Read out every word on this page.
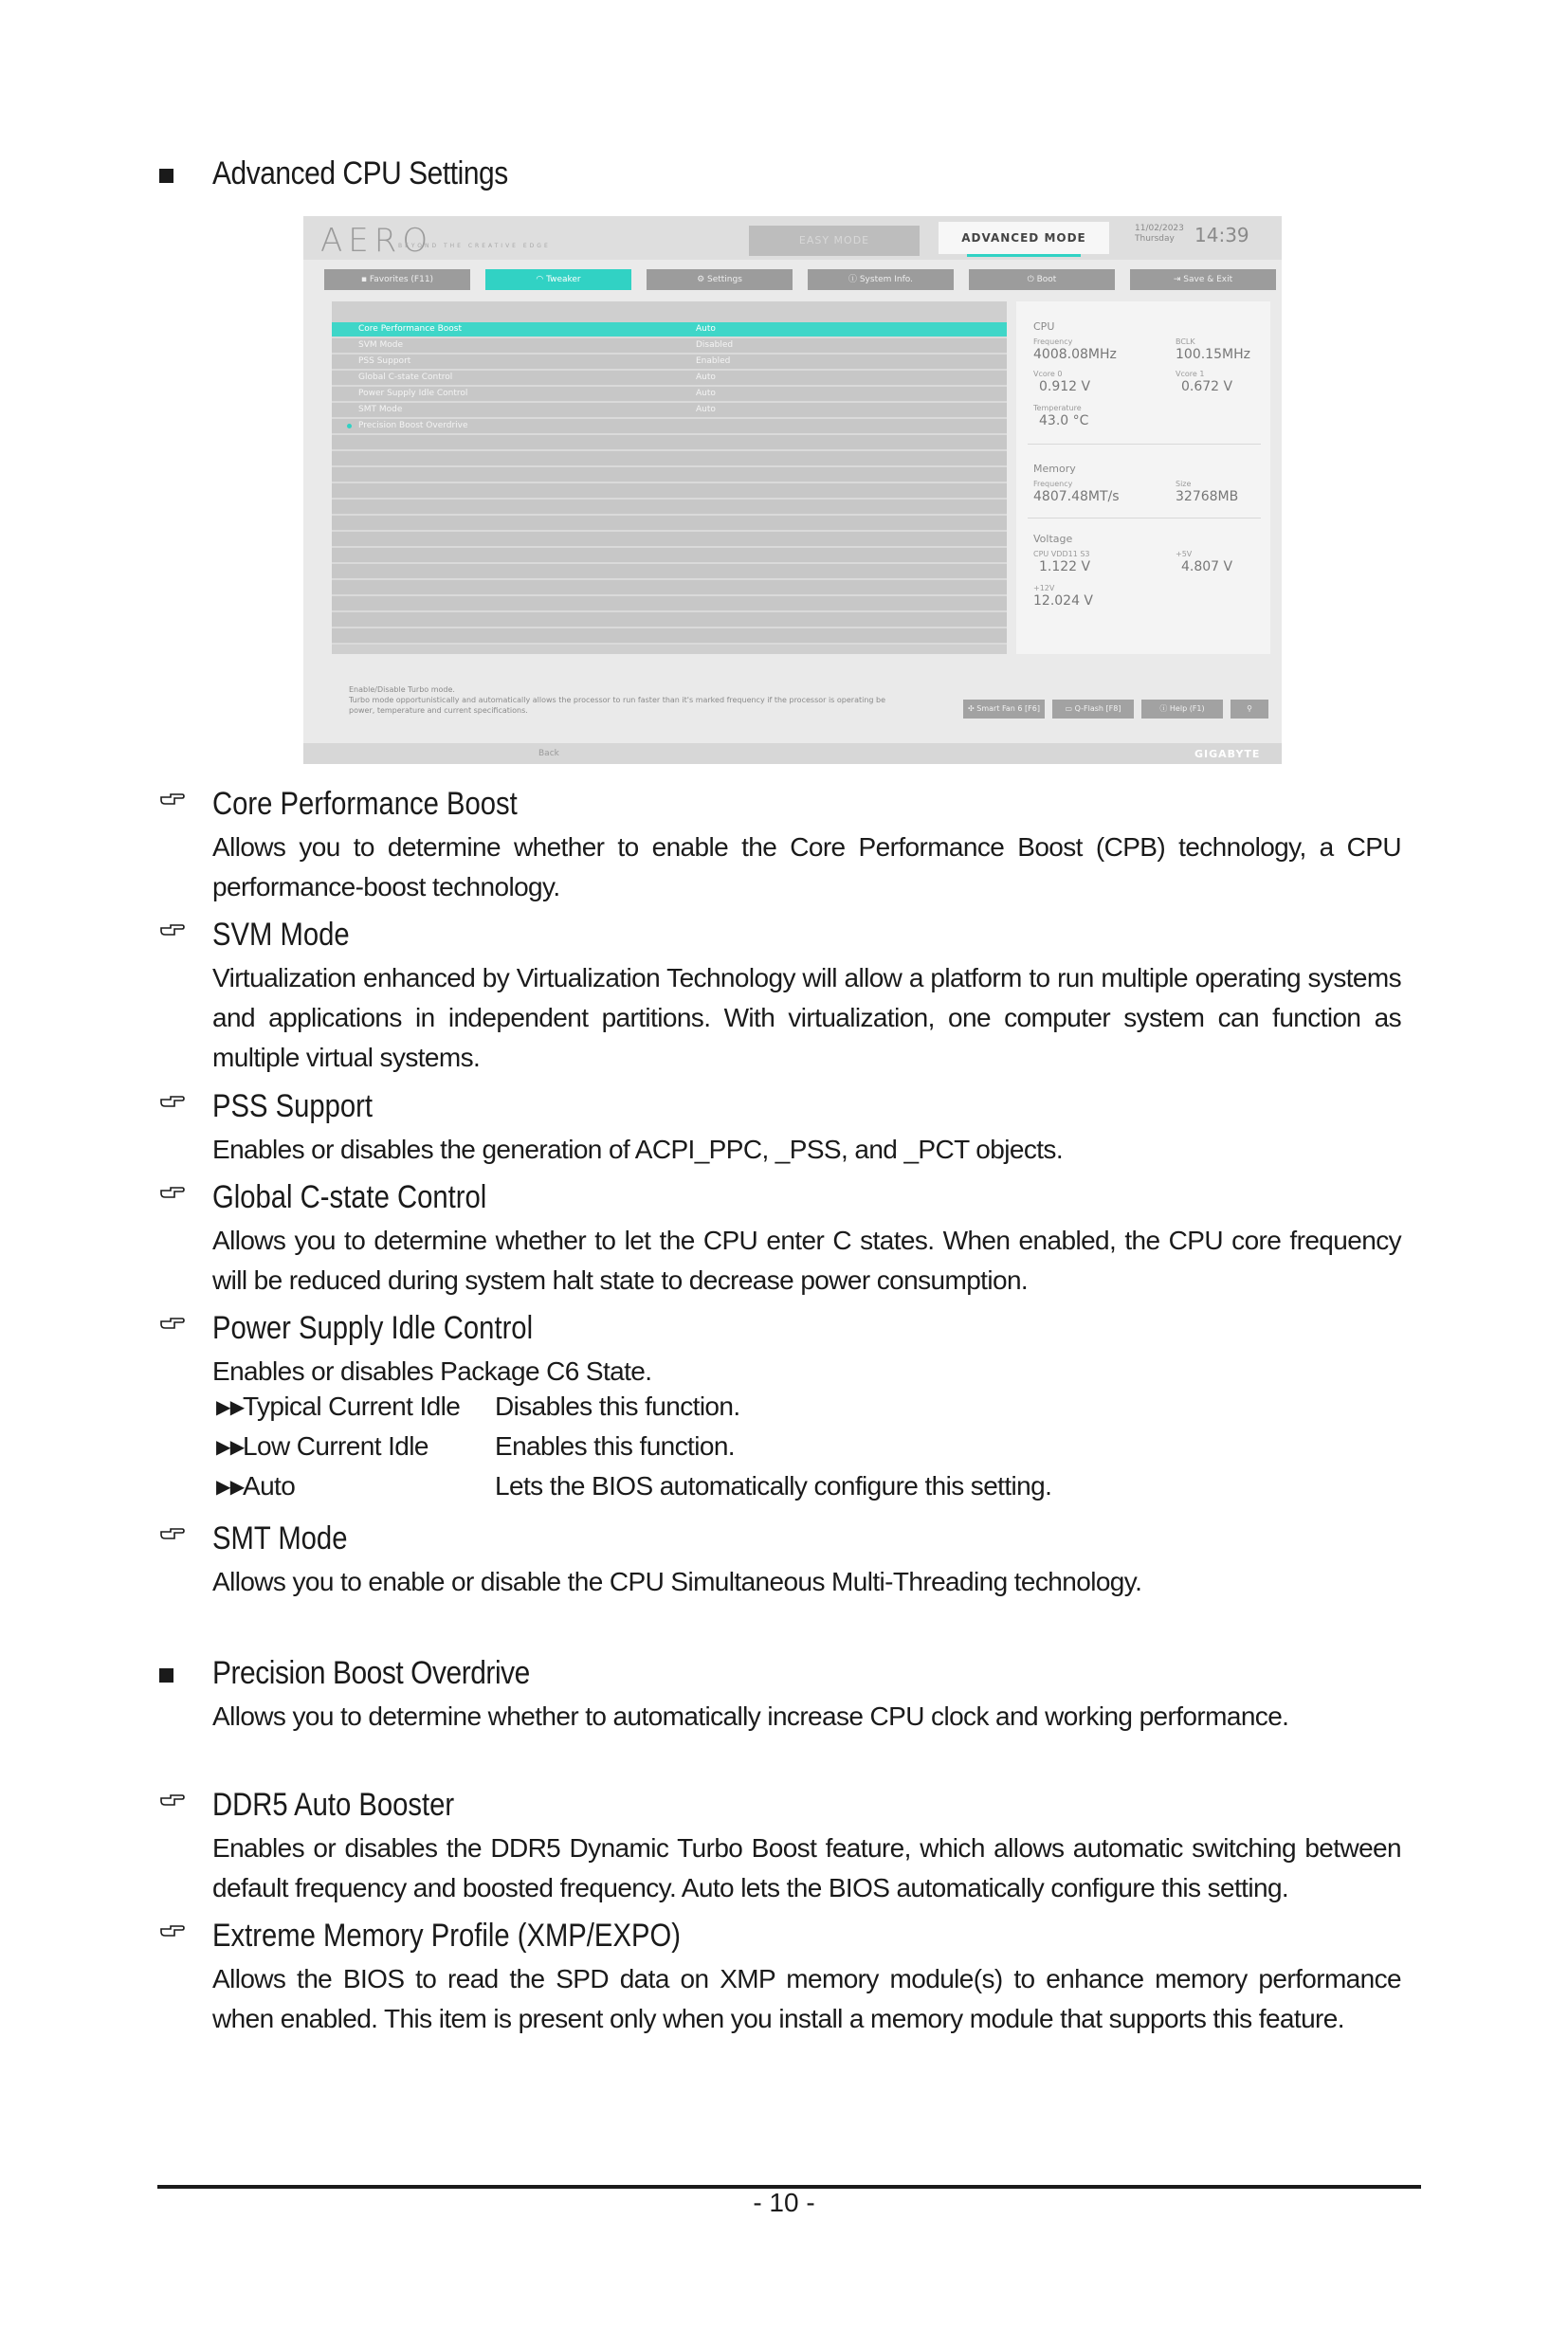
Advanced CPU Settings
AERO
BEYOND THE CREATIVE EDGE	EASY MODE	ADVANCED MODE
11/02/2023
Thursday	14:39
▪ Favorites (F11)	◠ Tweaker	⚙ Settings	ⓘ System Info.	⏻ Boot	⇥ Save & Exit
Core Performance Boost	Auto
SVM Mode	Disabled
PSS Support	Enabled
Global C-state Control	Auto
Power Supply Idle Control	Auto
SMT Mode	Auto
Precision Boost Overdrive
CPU
Frequency
4008.08MHz
BCLK
100.15MHz
Vcore 0
0.912 V
Vcore 1
0.672 V
Temperature
43.0 °C
Memory
Frequency
4807.48MT/s
Size
32768MB
Voltage
CPU VDD11 S3
1.122 V
+5V
4.807 V
+12V
12.024 V
Enable/Disable Turbo mode.
Turbo mode opportunistically and automatically allows the processor to run faster than it's marked frequency if the processor is operating be
power, temperature and current specifications.	✣ Smart Fan 6 [F6]	▭ Q-Flash [F8]	ⓘ Help (F1)	⚲
Back	GIGABYTE
Core Performance Boost
Allows you to determine whether to enable the Core Performance Boost (CPB) technology, a CPU performance-boost technology.
SVM Mode
Virtualization enhanced by Virtualization Technology will allow a platform to run multiple operating systems and applications in independent partitions. With virtualization, one computer system can function as multiple virtual systems.
PSS Support
Enables or disables the generation of ACPI_PPC, _PSS, and _PCT objects.
Global C-state Control
Allows you to determine whether to let the CPU enter C states. When enabled, the CPU core frequency will be reduced during system halt state to decrease power consumption.
Power Supply Idle Control
Enables or disables Package C6 State.
▶▶Typical Current Idle Disables this function.
▶▶Low Current Idle	Enables this function.
▶▶Auto	Lets the BIOS automatically configure this setting.
SMT Mode
Allows you to enable or disable the CPU Simultaneous Multi-Threading technology.
Precision Boost Overdrive
Allows you to determine whether to automatically increase CPU clock and working performance.
DDR5 Auto Booster
Enables or disables the DDR5 Dynamic Turbo Boost feature, which allows automatic switching between default frequency and boosted frequency. Auto lets the BIOS automatically configure this setting.
Extreme Memory Profile (XMP/EXPO)
Allows the BIOS to read the SPD data on XMP memory module(s) to enhance memory performance when enabled. This item is present only when you install a memory module that supports this feature.
- 10 -
